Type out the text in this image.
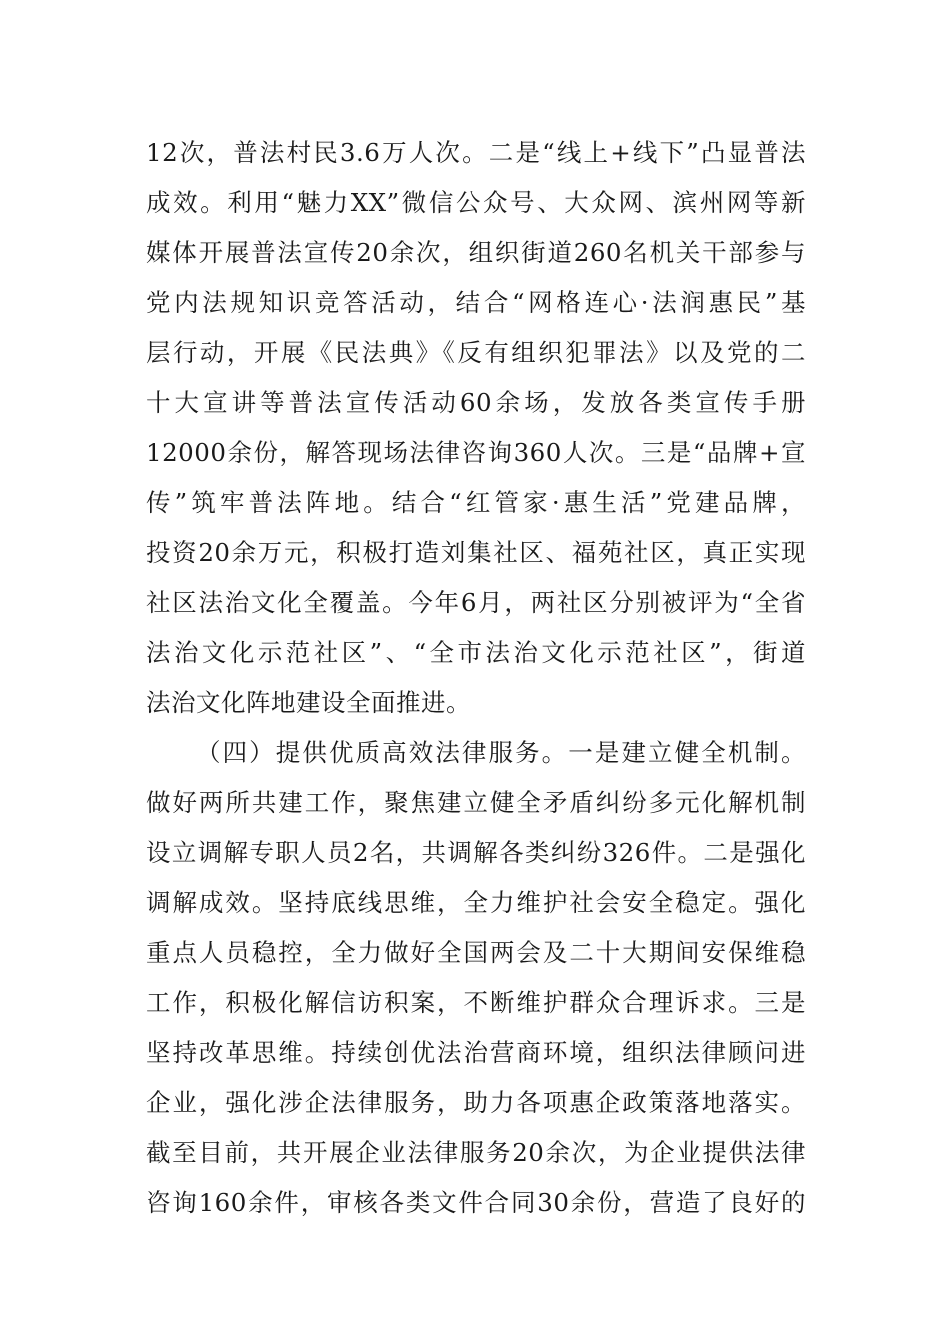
12次，普法村民3.6万人次。二是“线上+线下”凸显普法
成效。利用“魅力XX”微信公众号、大众网、滨州网等新
媒体开展普法宣传20余次，组织街道260名机关干部参与
党内法规知识竞答活动，结合“网格连心·法润惠民”基
层行动，开展《民法典》《反有组织犯罪法》以及党的二
十大宣讲等普法宣传活动60余场，发放各类宣传手册
12000余份，解答现场法律咨询360人次。三是“品牌+宣
传”筑牢普法阵地。结合“红管家·惠生活”党建品牌，
投资20余万元，积极打造刘集社区、福苑社区，真正实现
社区法治文化全覆盖。今年6月，两社区分别被评为“全省
法治文化示范社区”、“全市法治文化示范社区”，街道
法治文化阵地建设全面推进。
（四）提供优质高效法律服务。一是建立健全机制。
做好两所共建工作，聚焦建立健全矛盾纠纷多元化解机制
设立调解专职人员2名，共调解各类纠纷326件。二是强化
调解成效。坚持底线思维，全力维护社会安全稳定。强化
重点人员稳控，全力做好全国两会及二十大期间安保维稳
工作，积极化解信访积案，不断维护群众合理诉求。三是
坚持改革思维。持续创优法治营商环境，组织法律顾问进
企业，强化涉企法律服务，助力各项惠企政策落地落实。
截至目前，共开展企业法律服务20余次，为企业提供法律
咨询160余件，审核各类文件合同30余份，营造了良好的
